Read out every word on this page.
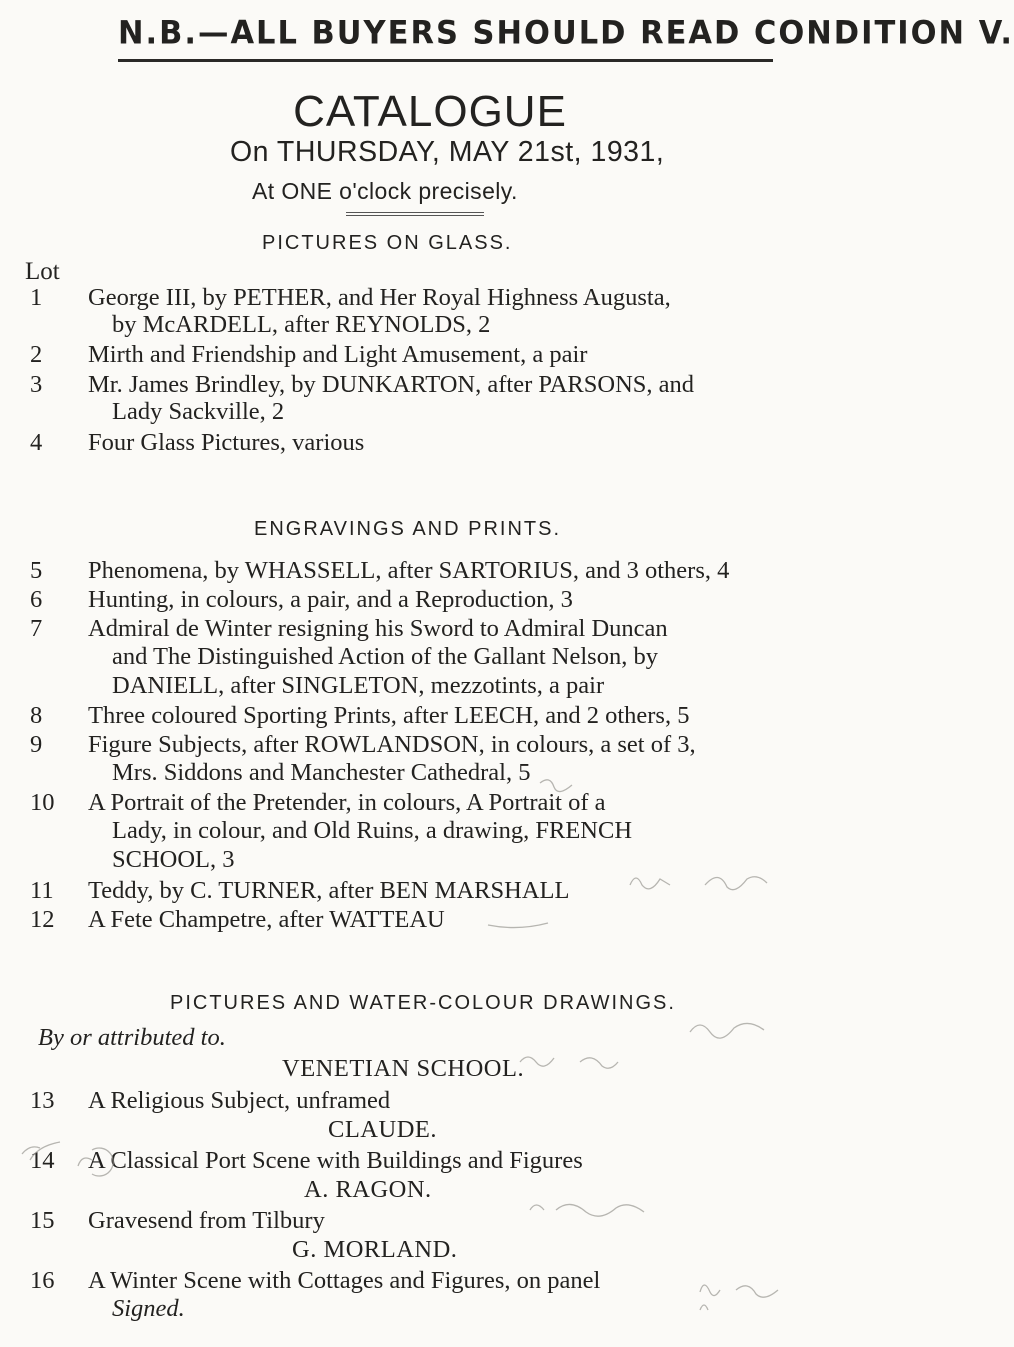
N.B.—ALL BUYERS SHOULD READ CONDITION V.
CATALOGUE
On THURSDAY, MAY 21st, 1931,
At ONE o'clock precisely.
PICTURES ON GLASS.
Lot
1	George III, by PETHER, and Her Royal Highness Augusta,
by McARDELL, after REYNOLDS, 2
2	Mirth and Friendship and Light Amusement, a pair
3	Mr. James Brindley, by DUNKARTON, after PARSONS, and
Lady Sackville, 2
4	Four Glass Pictures, various
ENGRAVINGS AND PRINTS.
5	Phenomena, by WHASSELL, after SARTORIUS, and 3 others, 4
6	Hunting, in colours, a pair, and a Reproduction, 3
7	Admiral de Winter resigning his Sword to Admiral Duncan
and The Distinguished Action of the Gallant Nelson, by
DANIELL, after SINGLETON, mezzotints, a pair
8	Three coloured Sporting Prints, after LEECH, and 2 others, 5
9	Figure Subjects, after ROWLANDSON, in colours, a set of 3,
Mrs. Siddons and Manchester Cathedral, 5
10	A Portrait of the Pretender, in colours, A Portrait of a
Lady, in colour, and Old Ruins, a drawing, FRENCH
SCHOOL, 3
11	Teddy, by C. TURNER, after BEN MARSHALL
12	A Fete Champetre, after WATTEAU
PICTURES AND WATER-COLOUR DRAWINGS.
By or attributed to.
VENETIAN SCHOOL.
13	A Religious Subject, unframed
CLAUDE.
14	A Classical Port Scene with Buildings and Figures
A. RAGON.
15	Gravesend from Tilbury
G. MORLAND.
16	A Winter Scene with Cottages and Figures, on panel
Signed.
